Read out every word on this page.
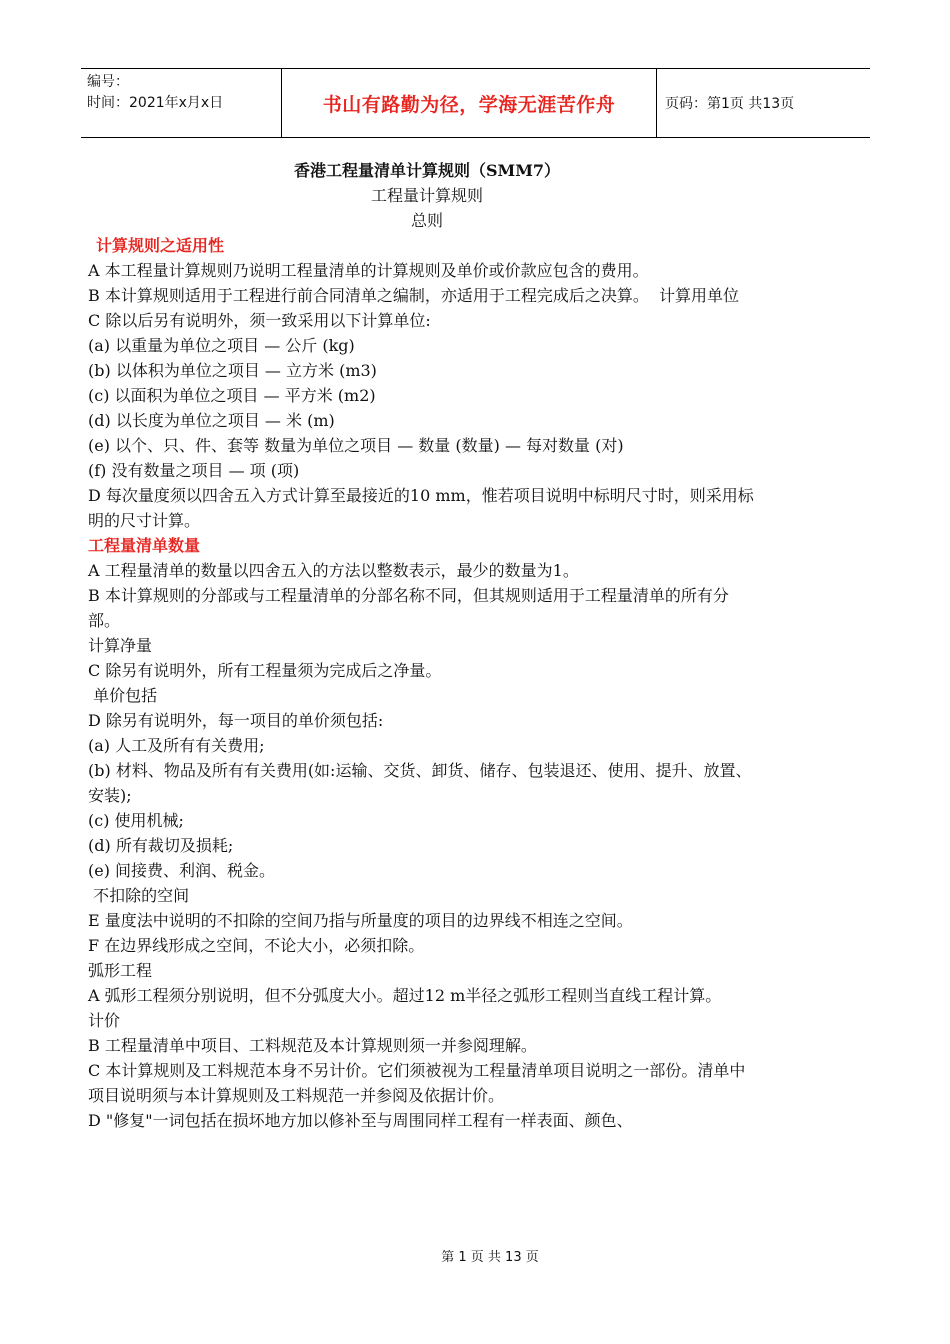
编号：
时间：2021年x月x日	书山有路勤为径，学海无涯苦作舟	页码：第1页 共13页
香港工程量清单计算规则（SMM7）
工程量计算规则
总则
计算规则之适用性
A 本工程量计算规则乃说明工程量清单的计算规则及单价或价款应包含的费用。
B 本计算规则适用于工程进行前合同清单之编制，亦适用于工程完成后之决算。  计算用单位
C 除以后另有说明外，须一致采用以下计算单位:
(a) 以重量为单位之项目 — 公斤 (kg)
(b) 以体积为单位之项目 — 立方米 (m3)
(c) 以面积为单位之项目 — 平方米 (m2)
(d) 以长度为单位之项目 — 米 (m)
(e) 以个、只、件、套等 数量为单位之项目 — 数量 (数量) — 每对数量 (对)
(f) 没有数量之项目 — 项 (项)
D 每次量度须以四舍五入方式计算至最接近的10 mm，惟若项目说明中标明尺寸时，则采用标明的尺寸计算。
工程量清单数量
A 工程量清单的数量以四舍五入的方法以整数表示，最少的数量为1。
B 本计算规则的分部或与工程量清单的分部名称不同，但其规则适用于工程量清单的所有分部。
计算净量
C 除另有说明外，所有工程量须为完成后之净量。
单价包括
D 除另有说明外，每一项目的单价须包括:
(a) 人工及所有有关费用;
(b) 材料、物品及所有有关费用(如:运输、交货、卸货、储存、包装退还、使用、提升、放置、安装);
(c) 使用机械;
(d) 所有裁切及损耗;
(e) 间接费、利润、税金。
不扣除的空间
E 量度法中说明的不扣除的空间乃指与所量度的项目的边界线不相连之空间。
F 在边界线形成之空间，不论大小，必须扣除。
弧形工程
A 弧形工程须分别说明，但不分弧度大小。超过12 m半径之弧形工程则当直线工程计算。
计价
B 工程量清单中项目、工料规范及本计算规则须一并参阅理解。
C 本计算规则及工料规范本身不另计价。它们须被视为工程量清单项目说明之一部份。清单中项目说明须与本计算规则及工料规范一并参阅及依据计价。
D "修复"一词包括在损坏地方加以修补至与周围同样工程有一样表面、颜色、
第 1 页 共 13 页
